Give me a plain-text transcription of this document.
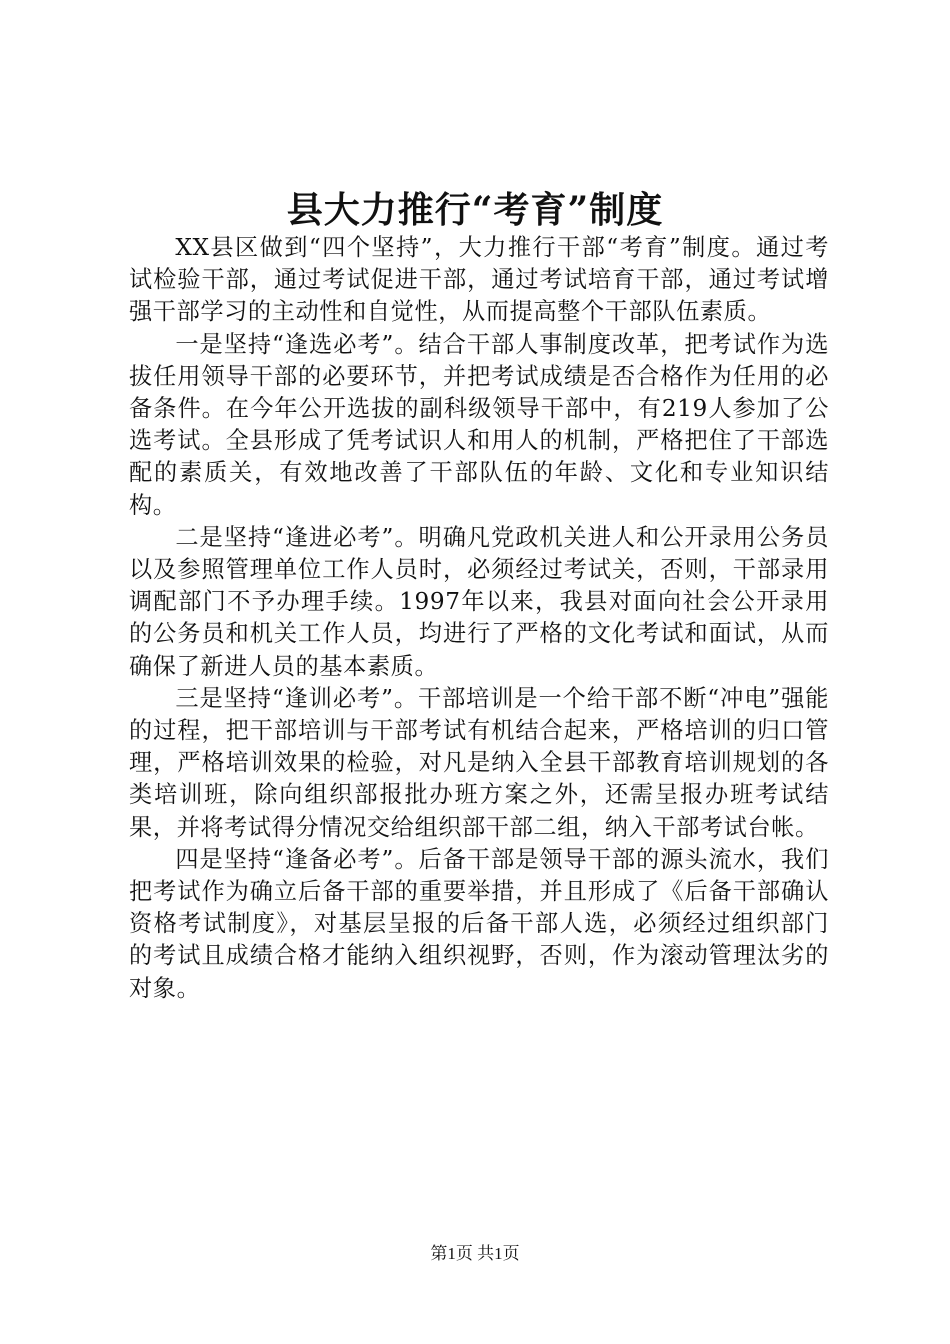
县大力推行“考育”制度

XX县区做到“四个坚持”，大力推行干部“考育”制度。通过考试检验干部，通过考试促进干部，通过考试培育干部，通过考试增强干部学习的主动性和自觉性，从而提高整个干部队伍素质。

一是坚持“逢选必考”。结合干部人事制度改革，把考试作为选拔任用领导干部的必要环节，并把考试成绩是否合格作为任用的必备条件。在今年公开选拔的副科级领导干部中，有219人参加了公选考试。全县形成了凭考试识人和用人的机制，严格把住了干部选配的素质关，有效地改善了干部队伍的年龄、文化和专业知识结构。

二是坚持“逢进必考”。明确凡党政机关进人和公开录用公务员以及参照管理单位工作人员时，必须经过考试关，否则，干部录用调配部门不予办理手续。1997年以来，我县对面向社会公开录用的公务员和机关工作人员，均进行了严格的文化考试和面试，从而确保了新进人员的基本素质。

三是坚持“逢训必考”。干部培训是一个给干部不断“冲电”强能的过程，把干部培训与干部考试有机结合起来，严格培训的归口管理，严格培训效果的检验，对凡是纳入全县干部教育培训规划的各类培训班，除向组织部报批办班方案之外，还需呈报办班考试结果，并将考试得分情况交给组织部干部二组，纳入干部考试台帐。

四是坚持“逢备必考”。后备干部是领导干部的源头流水，我们把考试作为确立后备干部的重要举措，并且形成了《后备干部确认资格考试制度》，对基层呈报的后备干部人选，必须经过组织部门的考试且成绩合格才能纳入组织视野，否则，作为滚动管理汰劣的对象。

第1页 共1页
